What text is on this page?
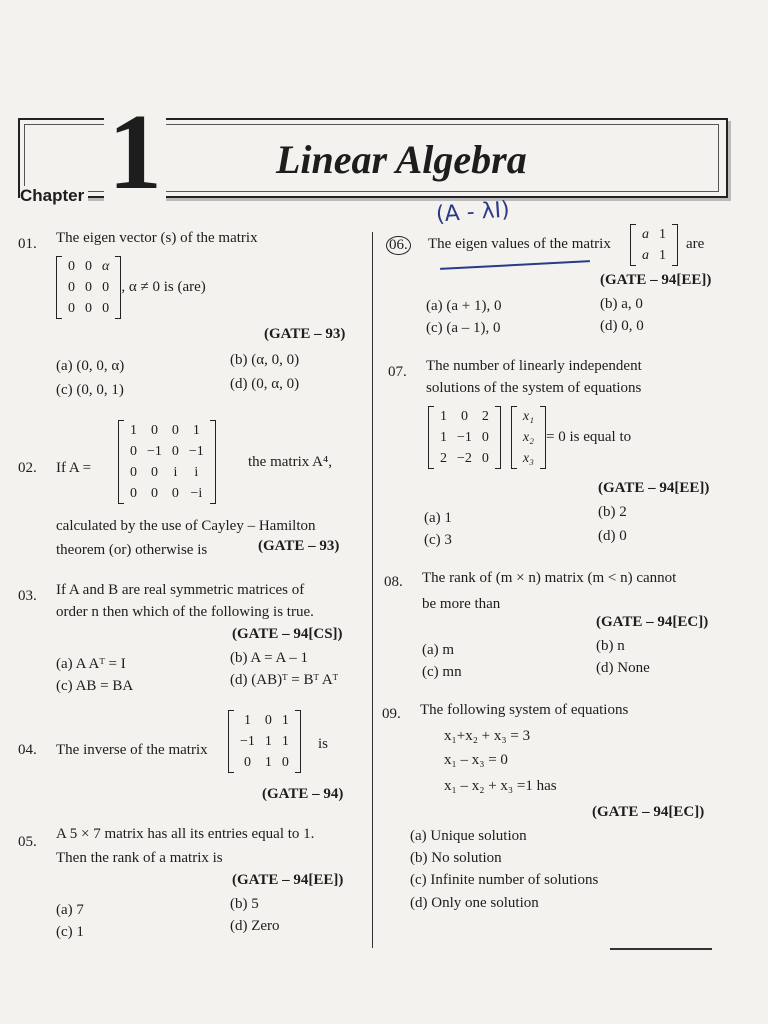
Chapter 1	Linear Algebra
01. The eigen vector (s) of the matrix
0	0	α
0	0	0
0	0	0
, α ≠ 0 is (are)
(GATE – 93)
(a) (0, 0, α)	(b) (α, 0, 0)
(c) (0, 0, 1)	(d) (0, α, 0)
02. If A =
1	0	0	1
0	−1	0	−1
0	0	i	i
0	0	0	−i
the matrix A⁴,
calculated by the use of Cayley – Hamilton
theorem (or) otherwise is	(GATE – 93)
03. If A and B are real symmetric matrices of
order n then which of the following is true.
(GATE – 94[CS])
(a) A Aᵀ = I	(b) A = A – 1
(c) AB = BA	(d) (AB)ᵀ = Bᵀ Aᵀ
04. The inverse of the matrix
1	0	1
−1	1	1
0	1	0
is
(GATE – 94)
05. A 5 × 7 matrix has all its entries equal to 1.
Then the rank of a matrix is
(GATE – 94[EE])
(a) 7	(b) 5
(c) 1	(d) Zero
(A - λI)
06. The eigen values of the matrix
a	1
a	1
are
(GATE – 94[EE])
(a) (a + 1), 0	(b) a, 0
(c) (a – 1), 0	(d) 0, 0
07. The number of linearly independent
solutions of the system of equations
1	0	2
1	−1	0
2	−2	0

x₁
x₂
x₃
= 0 is equal to
(GATE – 94[EE])
(a) 1	(b) 2
(c) 3	(d) 0
08. The rank of (m × n) matrix (m < n) cannot
be more than
(GATE – 94[EC])
(a) m	(b) n
(c) mn	(d) None
09. The following system of equations
x₁+x₂ + x₃ = 3
x₁ – x₃ = 0
x₁ – x₂ + x₃ =1 has
(GATE – 94[EC])
(a) Unique solution
(b) No solution
(c) Infinite number of solutions
(d) Only one solution
